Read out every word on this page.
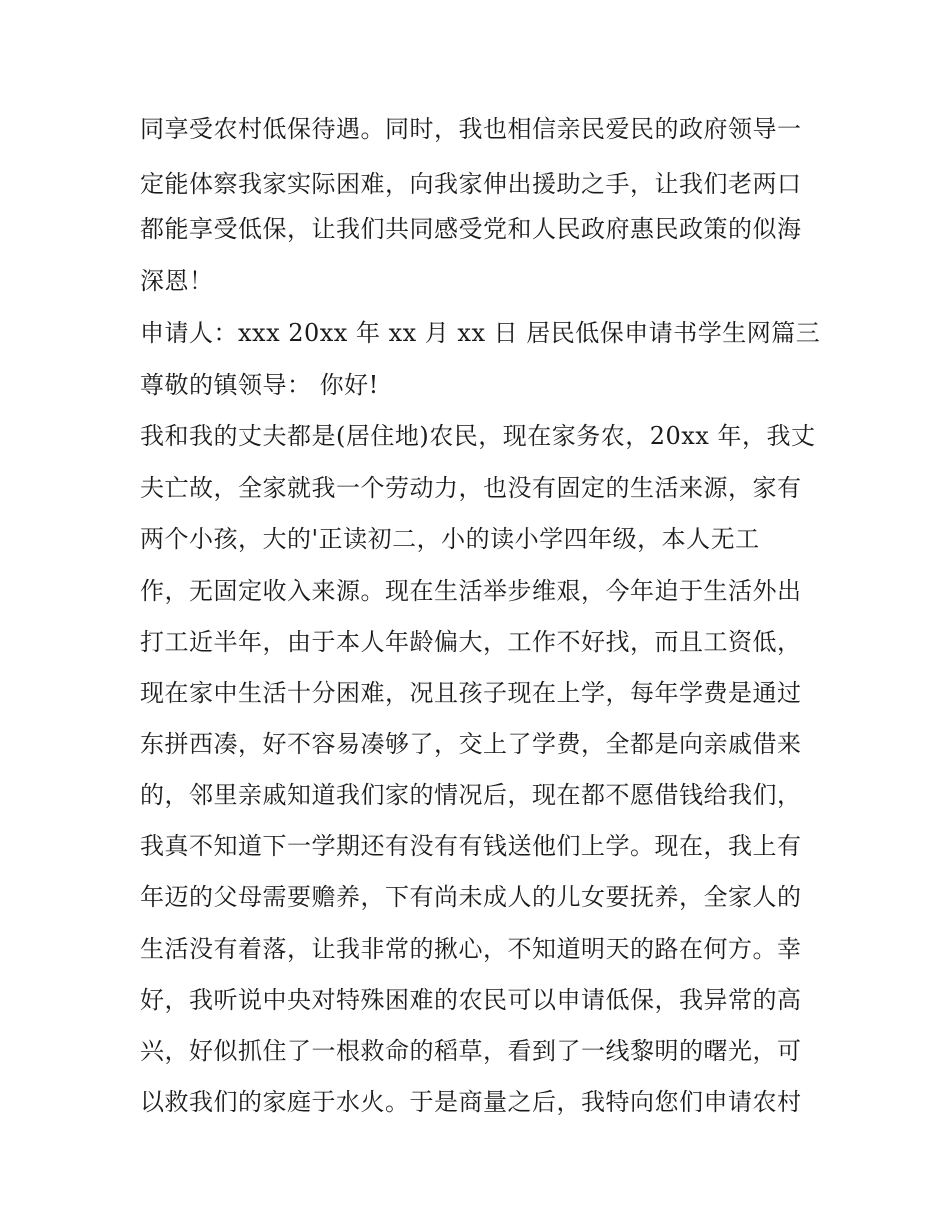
同享受农村低保待遇。同时，我也相信亲民爱民的政府领导一
定能体察我家实际困难，向我家伸出援助之手，让我们老两口
都能享受低保，让我们共同感受党和人民政府惠民政策的似海
深恩！
申请人：xxx 20xx 年 xx 月 xx 日 居民低保申请书学生网篇三
尊敬的镇领导： 你好!
我和我的丈夫都是(居住地)农民，现在家务农，20xx 年，我丈
夫亡故，全家就我一个劳动力，也没有固定的生活来源，家有
两个小孩，大的'正读初二，小的读小学四年级，本人无工
作，无固定收入来源。现在生活举步维艰，今年迫于生活外出
打工近半年，由于本人年龄偏大，工作不好找，而且工资低，
现在家中生活十分困难，况且孩子现在上学，每年学费是通过
东拼西凑，好不容易凑够了，交上了学费，全都是向亲戚借来
的，邻里亲戚知道我们家的情况后，现在都不愿借钱给我们，
我真不知道下一学期还有没有有钱送他们上学。现在，我上有
年迈的父母需要赡养，下有尚未成人的儿女要抚养，全家人的
生活没有着落，让我非常的揪心，不知道明天的路在何方。幸
好，我听说中央对特殊困难的农民可以申请低保，我异常的高
兴，好似抓住了一根救命的稻草，看到了一线黎明的曙光，可
以救我们的家庭于水火。于是商量之后，我特向您们申请农村
